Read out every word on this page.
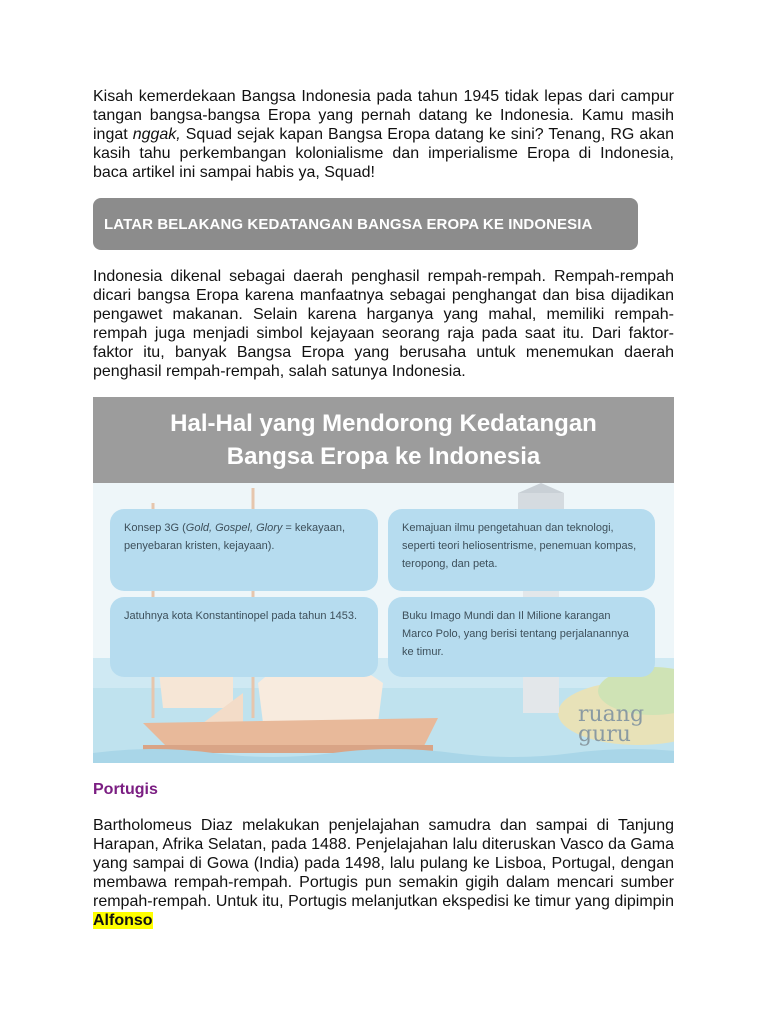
Kisah kemerdekaan Bangsa Indonesia pada tahun 1945 tidak lepas dari campur tangan bangsa-bangsa Eropa yang pernah datang ke Indonesia. Kamu masih ingat nggak, Squad sejak kapan Bangsa Eropa datang ke sini? Tenang, RG akan kasih tahu perkembangan kolonialisme dan imperialisme Eropa di Indonesia, baca artikel ini sampai habis ya, Squad!

LATAR BELAKANG KEDATANGAN BANGSA EROPA KE INDONESIA

Indonesia dikenal sebagai daerah penghasil rempah-rempah. Rempah-rempah dicari bangsa Eropa karena manfaatnya sebagai penghangat dan bisa dijadikan pengawet makanan. Selain karena harganya yang mahal, memiliki rempah-rempah juga menjadi simbol kejayaan seorang raja pada saat itu. Dari faktor-faktor itu, banyak Bangsa Eropa yang berusaha untuk menemukan daerah penghasil rempah-rempah, salah satunya Indonesia.

Hal-Hal yang Mendorong Kedatangan
Bangsa Eropa ke Indonesia
Konsep 3G (Gold, Gospel, Glory = kekayaan, penyebaran kristen, kejayaan).
Kemajuan ilmu pengetahuan dan teknologi, seperti teori heliosentrisme, penemuan kompas, teropong, dan peta.
Jatuhnya kota Konstantinopel pada tahun 1453.	Buku Imago Mundi dan Il Milione karangan Marco Polo, yang berisi tentang perjalanannya ke timur.
ruang
guru
Portugis

Bartholomeus Diaz melakukan penjelajahan samudra dan sampai di Tanjung Harapan, Afrika Selatan, pada 1488. Penjelajahan lalu diteruskan Vasco da Gama yang sampai di Gowa (India) pada 1498, lalu pulang ke Lisboa, Portugal, dengan membawa rempah-rempah. Portugis pun semakin gigih dalam mencari sumber rempah-rempah. Untuk itu, Portugis melanjutkan ekspedisi ke timur yang dipimpin Alfonso
